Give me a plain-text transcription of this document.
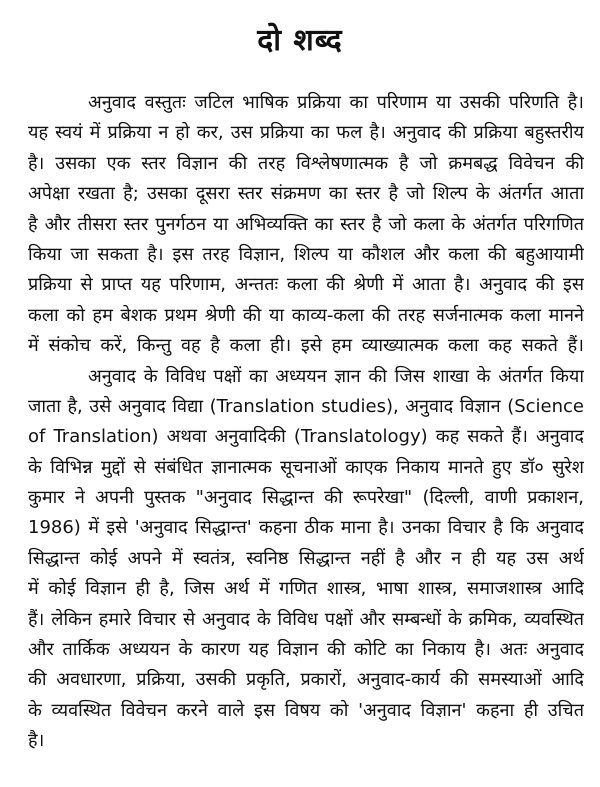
दो शब्द
अनुवाद वस्तुतः जटिल भाषिक प्रक्रिया का परिणाम या उसकी परिणति है।
यह स्वयं में प्रक्रिया न हो कर, उस प्रक्रिया का फल है। अनुवाद की प्रक्रिया बहुस्तरीय
है। उसका एक स्तर विज्ञान की तरह विश्लेषणात्मक है जो क्रमबद्ध विवेचन की
अपेक्षा रखता है; उसका दूसरा स्तर संक्रमण का स्तर है जो शिल्प के अंतर्गत आता
है और तीसरा स्तर पुनर्गठन या अभिव्यक्ति का स्तर है जो कला के अंतर्गत परिगणित
किया जा सकता है। इस तरह विज्ञान, शिल्प या कौशल और कला की बहुआयामी
प्रक्रिया से प्राप्त यह परिणाम, अन्ततः कला की श्रेणी में आता है। अनुवाद की इस
कला को हम बेशक प्रथम श्रेणी की या काव्य-कला की तरह सर्जनात्मक कला मानने
में संकोच करें, किन्तु वह है कला ही। इसे हम व्याख्यात्मक कला कह सकते हैं।
अनुवाद के विविध पक्षों का अध्ययन ज्ञान की जिस शाखा के अंतर्गत किया
जाता है, उसे अनुवाद विद्या (Translation studies), अनुवाद विज्ञान (Science
of Translation) अथवा अनुवादिकी (Translatology) कह सकते हैं। अनुवाद
के विभिन्न मुद्दों से संबंधित ज्ञानात्मक सूचनाओं काएक निकाय मानते हुए डॉ० सुरेश
कुमार ने अपनी पुस्तक "अनुवाद सिद्धान्त की रूपरेखा" (दिल्ली, वाणी प्रकाशन,
1986) में इसे 'अनुवाद सिद्धान्त' कहना ठीक माना है। उनका विचार है कि अनुवाद
सिद्धान्त कोई अपने में स्वतंत्र, स्वनिष्ठ सिद्धान्त नहीं है और न ही यह उस अर्थ
में कोई विज्ञान ही है, जिस अर्थ में गणित शास्त्र, भाषा शास्त्र, समाजशास्त्र आदि
हैं। लेकिन हमारे विचार से अनुवाद के विविध पक्षों और सम्बन्धों के क्रमिक, व्यवस्थित
और तार्किक अध्ययन के कारण यह विज्ञान की कोटि का निकाय है। अतः अनुवाद
की अवधारणा, प्रक्रिया, उसकी प्रकृति, प्रकारों, अनुवाद-कार्य की समस्याओं आदि
के व्यवस्थित विवेचन करने वाले इस विषय को 'अनुवाद विज्ञान' कहना ही उचित
है।
